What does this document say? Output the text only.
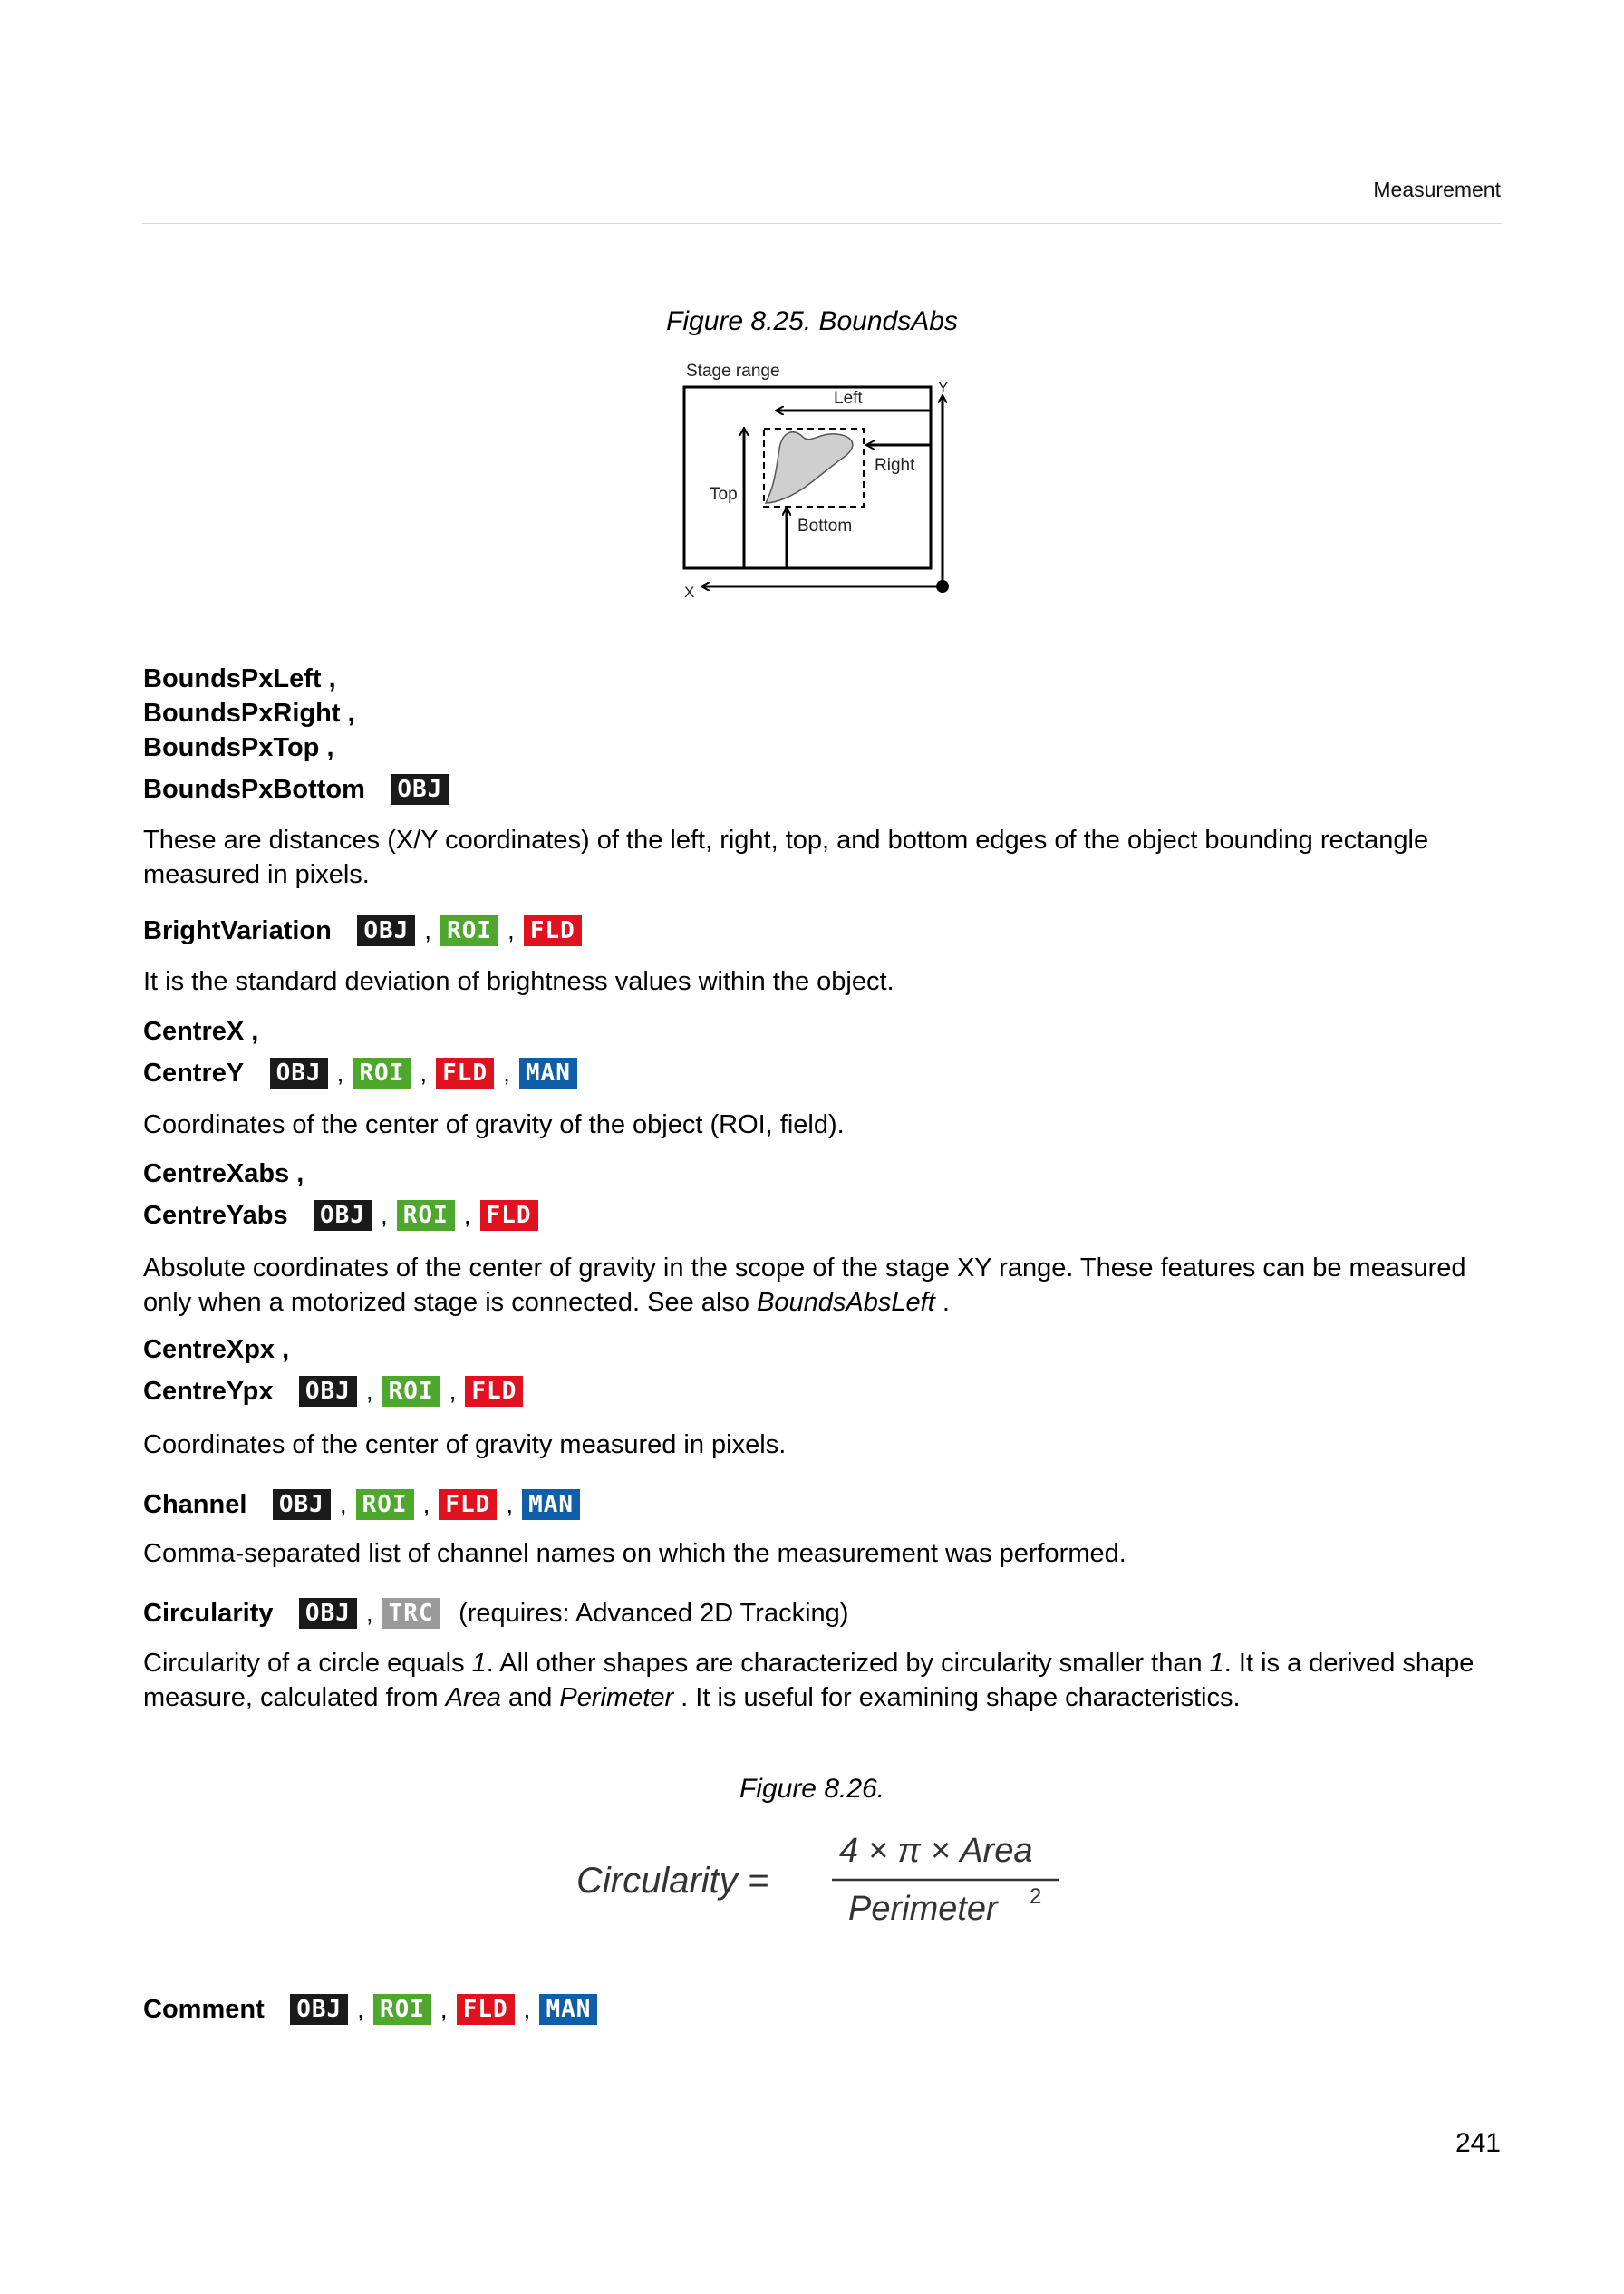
Measurement
Figure 8.25. BoundsAbs
Stage range
Left
Right
Top
Bottom
X
Y
BoundsPxLeft ,
BoundsPxRight ,
BoundsPxTop ,
BoundsPxBottom OBJ
These are distances (X/Y coordinates) of the left, right, top, and bottom edges of the object bounding rectangle measured in pixels.
BrightVariation OBJ , ROI , FLD
It is the standard deviation of brightness values within the object.
CentreX ,
CentreY OBJ , ROI , FLD , MAN
Coordinates of the center of gravity of the object (ROI, field).
CentreXabs ,
CentreYabs OBJ , ROI , FLD
Absolute coordinates of the center of gravity in the scope of the stage XY range. These features can be measured only when a motorized stage is connected. See also BoundsAbsLeft .
CentreXpx ,
CentreYpx OBJ , ROI , FLD
Coordinates of the center of gravity measured in pixels.
Channel OBJ , ROI , FLD , MAN
Comma-separated list of channel names on which the measurement was performed.
Circularity OBJ , TRC (requires: Advanced 2D Tracking)
Circularity of a circle equals 1. All other shapes are characterized by circularity smaller than 1. It is a derived shape measure, calculated from Area and Perimeter . It is useful for examining shape characteristics.
Figure 8.26.
Circularity =
4 × π × Area
Perimeter 2
Comment OBJ , ROI , FLD , MAN
241
